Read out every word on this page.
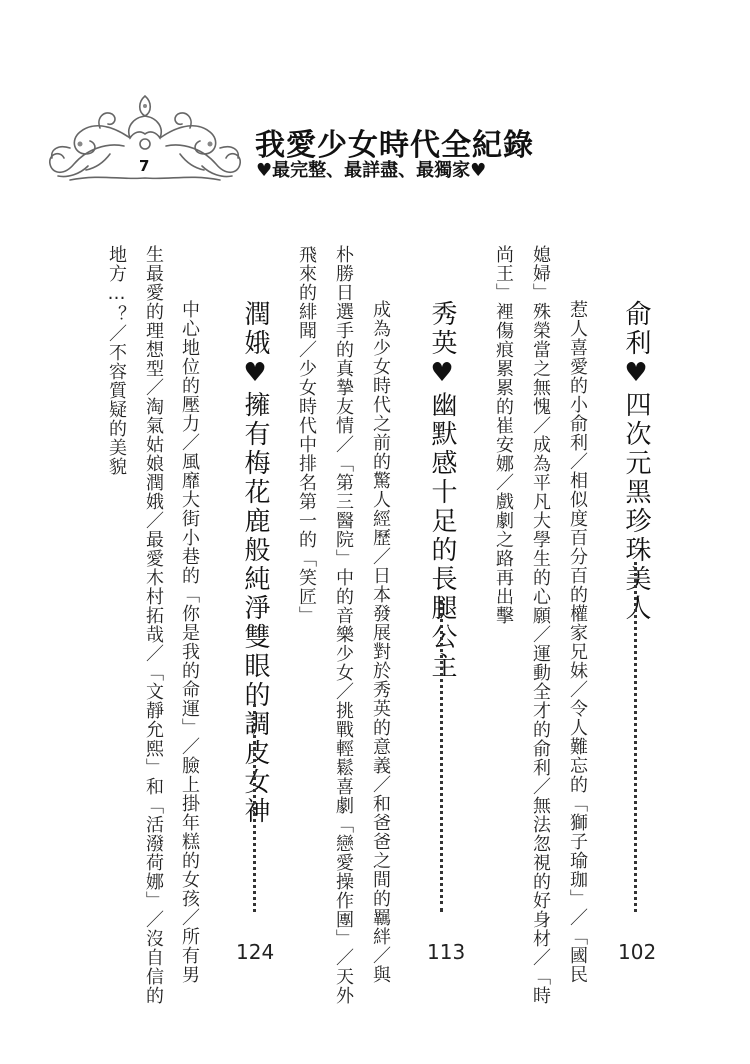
7
我愛少女時代全紀錄
♥最完整、最詳盡、最獨家♥
俞利♥四次元黑珍珠美人
102
惹人喜愛的小俞利／相似度百分百的權家兄妹／令人難忘的「獅子瑜珈」／「國民
媳婦」殊榮當之無愧／成為平凡大學生的心願／運動全才的俞利／無法忽視的好身材／「時
尚王」裡傷痕累累的崔安娜／戲劇之路再出擊
秀英♥幽默感十足的長腿公主
113
成為少女時代之前的驚人經歷／日本發展對於秀英的意義／和爸爸之間的羈絆／與
朴勝日選手的真摯友情／「第三醫院」中的音樂少女／挑戰輕鬆喜劇「戀愛操作團」／天外
飛來的緋聞／少女時代中排名第一的「笑匠」
潤娥♥擁有梅花鹿般純淨雙眼的調皮女神
124
中心地位的壓力／風靡大街小巷的「你是我的命運」／臉上掛年糕的女孩／所有男
生最愛的理想型／淘氣姑娘潤娥／最愛木村拓哉／「文靜允熙」和「活潑荷娜」／沒自信的
地方…？／不容質疑的美貌
